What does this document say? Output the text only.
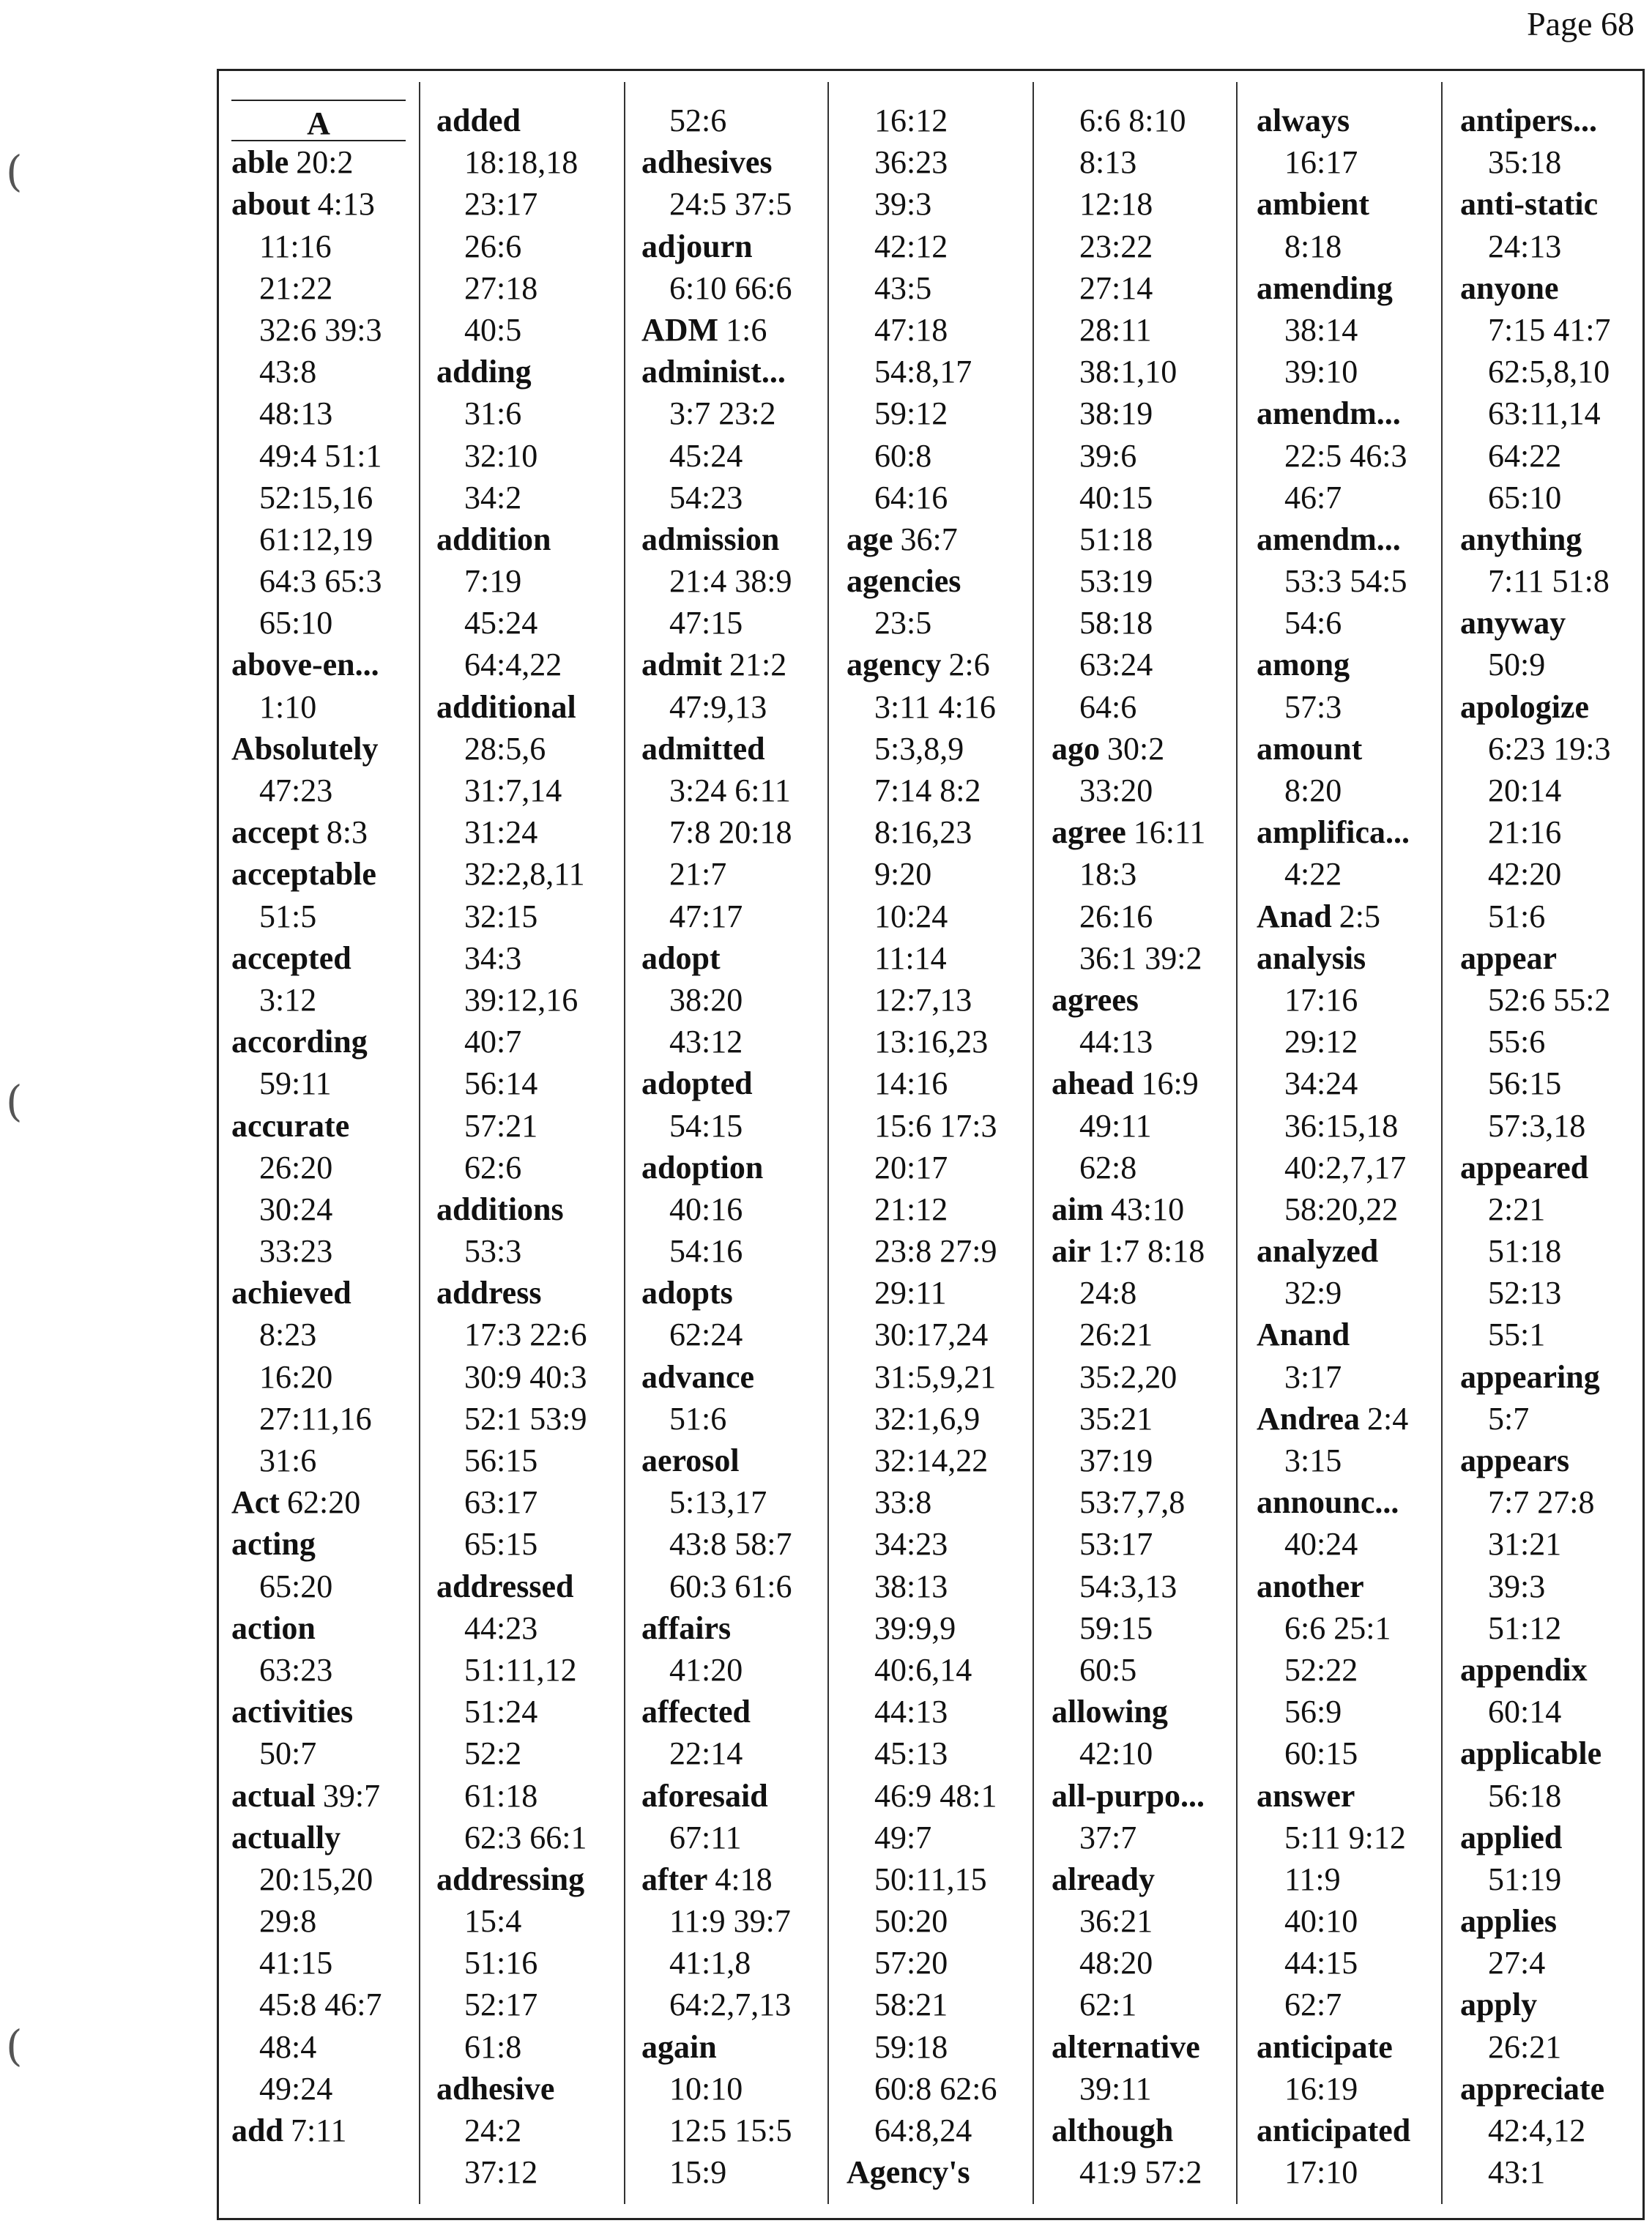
Page 68
(
(
(
A
able 20:2
about 4:13
11:16
21:22
32:6 39:3
43:8
48:13
49:4 51:1
52:15,16
61:12,19
64:3 65:3
65:10
above-en...
1:10
Absolutely
47:23
accept 8:3
acceptable
51:5
accepted
3:12
according
59:11
accurate
26:20
30:24
33:23
achieved
8:23
16:20
27:11,16
31:6
Act 62:20
acting
65:20
action
63:23
activities
50:7
actual 39:7
actually
20:15,20
29:8
41:15
45:8 46:7
48:4
49:24
add 7:11
added
18:18,18
23:17
26:6
27:18
40:5
adding
31:6
32:10
34:2
addition
7:19
45:24
64:4,22
additional
28:5,6
31:7,14
31:24
32:2,8,11
32:15
34:3
39:12,16
40:7
56:14
57:21
62:6
additions
53:3
address
17:3 22:6
30:9 40:3
52:1 53:9
56:15
63:17
65:15
addressed
44:23
51:11,12
51:24
52:2
61:18
62:3 66:1
addressing
15:4
51:16
52:17
61:8
adhesive
24:2
37:12
52:6
adhesives
24:5 37:5
adjourn
6:10 66:6
ADM 1:6
administ...
3:7 23:2
45:24
54:23
admission
21:4 38:9
47:15
admit 21:2
47:9,13
admitted
3:24 6:11
7:8 20:18
21:7
47:17
adopt
38:20
43:12
adopted
54:15
adoption
40:16
54:16
adopts
62:24
advance
51:6
aerosol
5:13,17
43:8 58:7
60:3 61:6
affairs
41:20
affected
22:14
aforesaid
67:11
after 4:18
11:9 39:7
41:1,8
64:2,7,13
again
10:10
12:5 15:5
15:9
16:12
36:23
39:3
42:12
43:5
47:18
54:8,17
59:12
60:8
64:16
age 36:7
agencies
23:5
agency 2:6
3:11 4:16
5:3,8,9
7:14 8:2
8:16,23
9:20
10:24
11:14
12:7,13
13:16,23
14:16
15:6 17:3
20:17
21:12
23:8 27:9
29:11
30:17,24
31:5,9,21
32:1,6,9
32:14,22
33:8
34:23
38:13
39:9,9
40:6,14
44:13
45:13
46:9 48:1
49:7
50:11,15
50:20
57:20
58:21
59:18
60:8 62:6
64:8,24
Agency's
6:6 8:10
8:13
12:18
23:22
27:14
28:11
38:1,10
38:19
39:6
40:15
51:18
53:19
58:18
63:24
64:6
ago 30:2
33:20
agree 16:11
18:3
26:16
36:1 39:2
agrees
44:13
ahead 16:9
49:11
62:8
aim 43:10
air 1:7 8:18
24:8
26:21
35:2,20
35:21
37:19
53:7,7,8
53:17
54:3,13
59:15
60:5
allowing
42:10
all-purpo...
37:7
already
36:21
48:20
62:1
alternative
39:11
although
41:9 57:2
always
16:17
ambient
8:18
amending
38:14
39:10
amendm...
22:5 46:3
46:7
amendm...
53:3 54:5
54:6
among
57:3
amount
8:20
amplifica...
4:22
Anad 2:5
analysis
17:16
29:12
34:24
36:15,18
40:2,7,17
58:20,22
analyzed
32:9
Anand
3:17
Andrea 2:4
3:15
announc...
40:24
another
6:6 25:1
52:22
56:9
60:15
answer
5:11 9:12
11:9
40:10
44:15
62:7
anticipate
16:19
anticipated
17:10
antipers...
35:18
anti-static
24:13
anyone
7:15 41:7
62:5,8,10
63:11,14
64:22
65:10
anything
7:11 51:8
anyway
50:9
apologize
6:23 19:3
20:14
21:16
42:20
51:6
appear
52:6 55:2
55:6
56:15
57:3,18
appeared
2:21
51:18
52:13
55:1
appearing
5:7
appears
7:7 27:8
31:21
39:3
51:12
appendix
60:14
applicable
56:18
applied
51:19
applies
27:4
apply
26:21
appreciate
42:4,12
43:1
